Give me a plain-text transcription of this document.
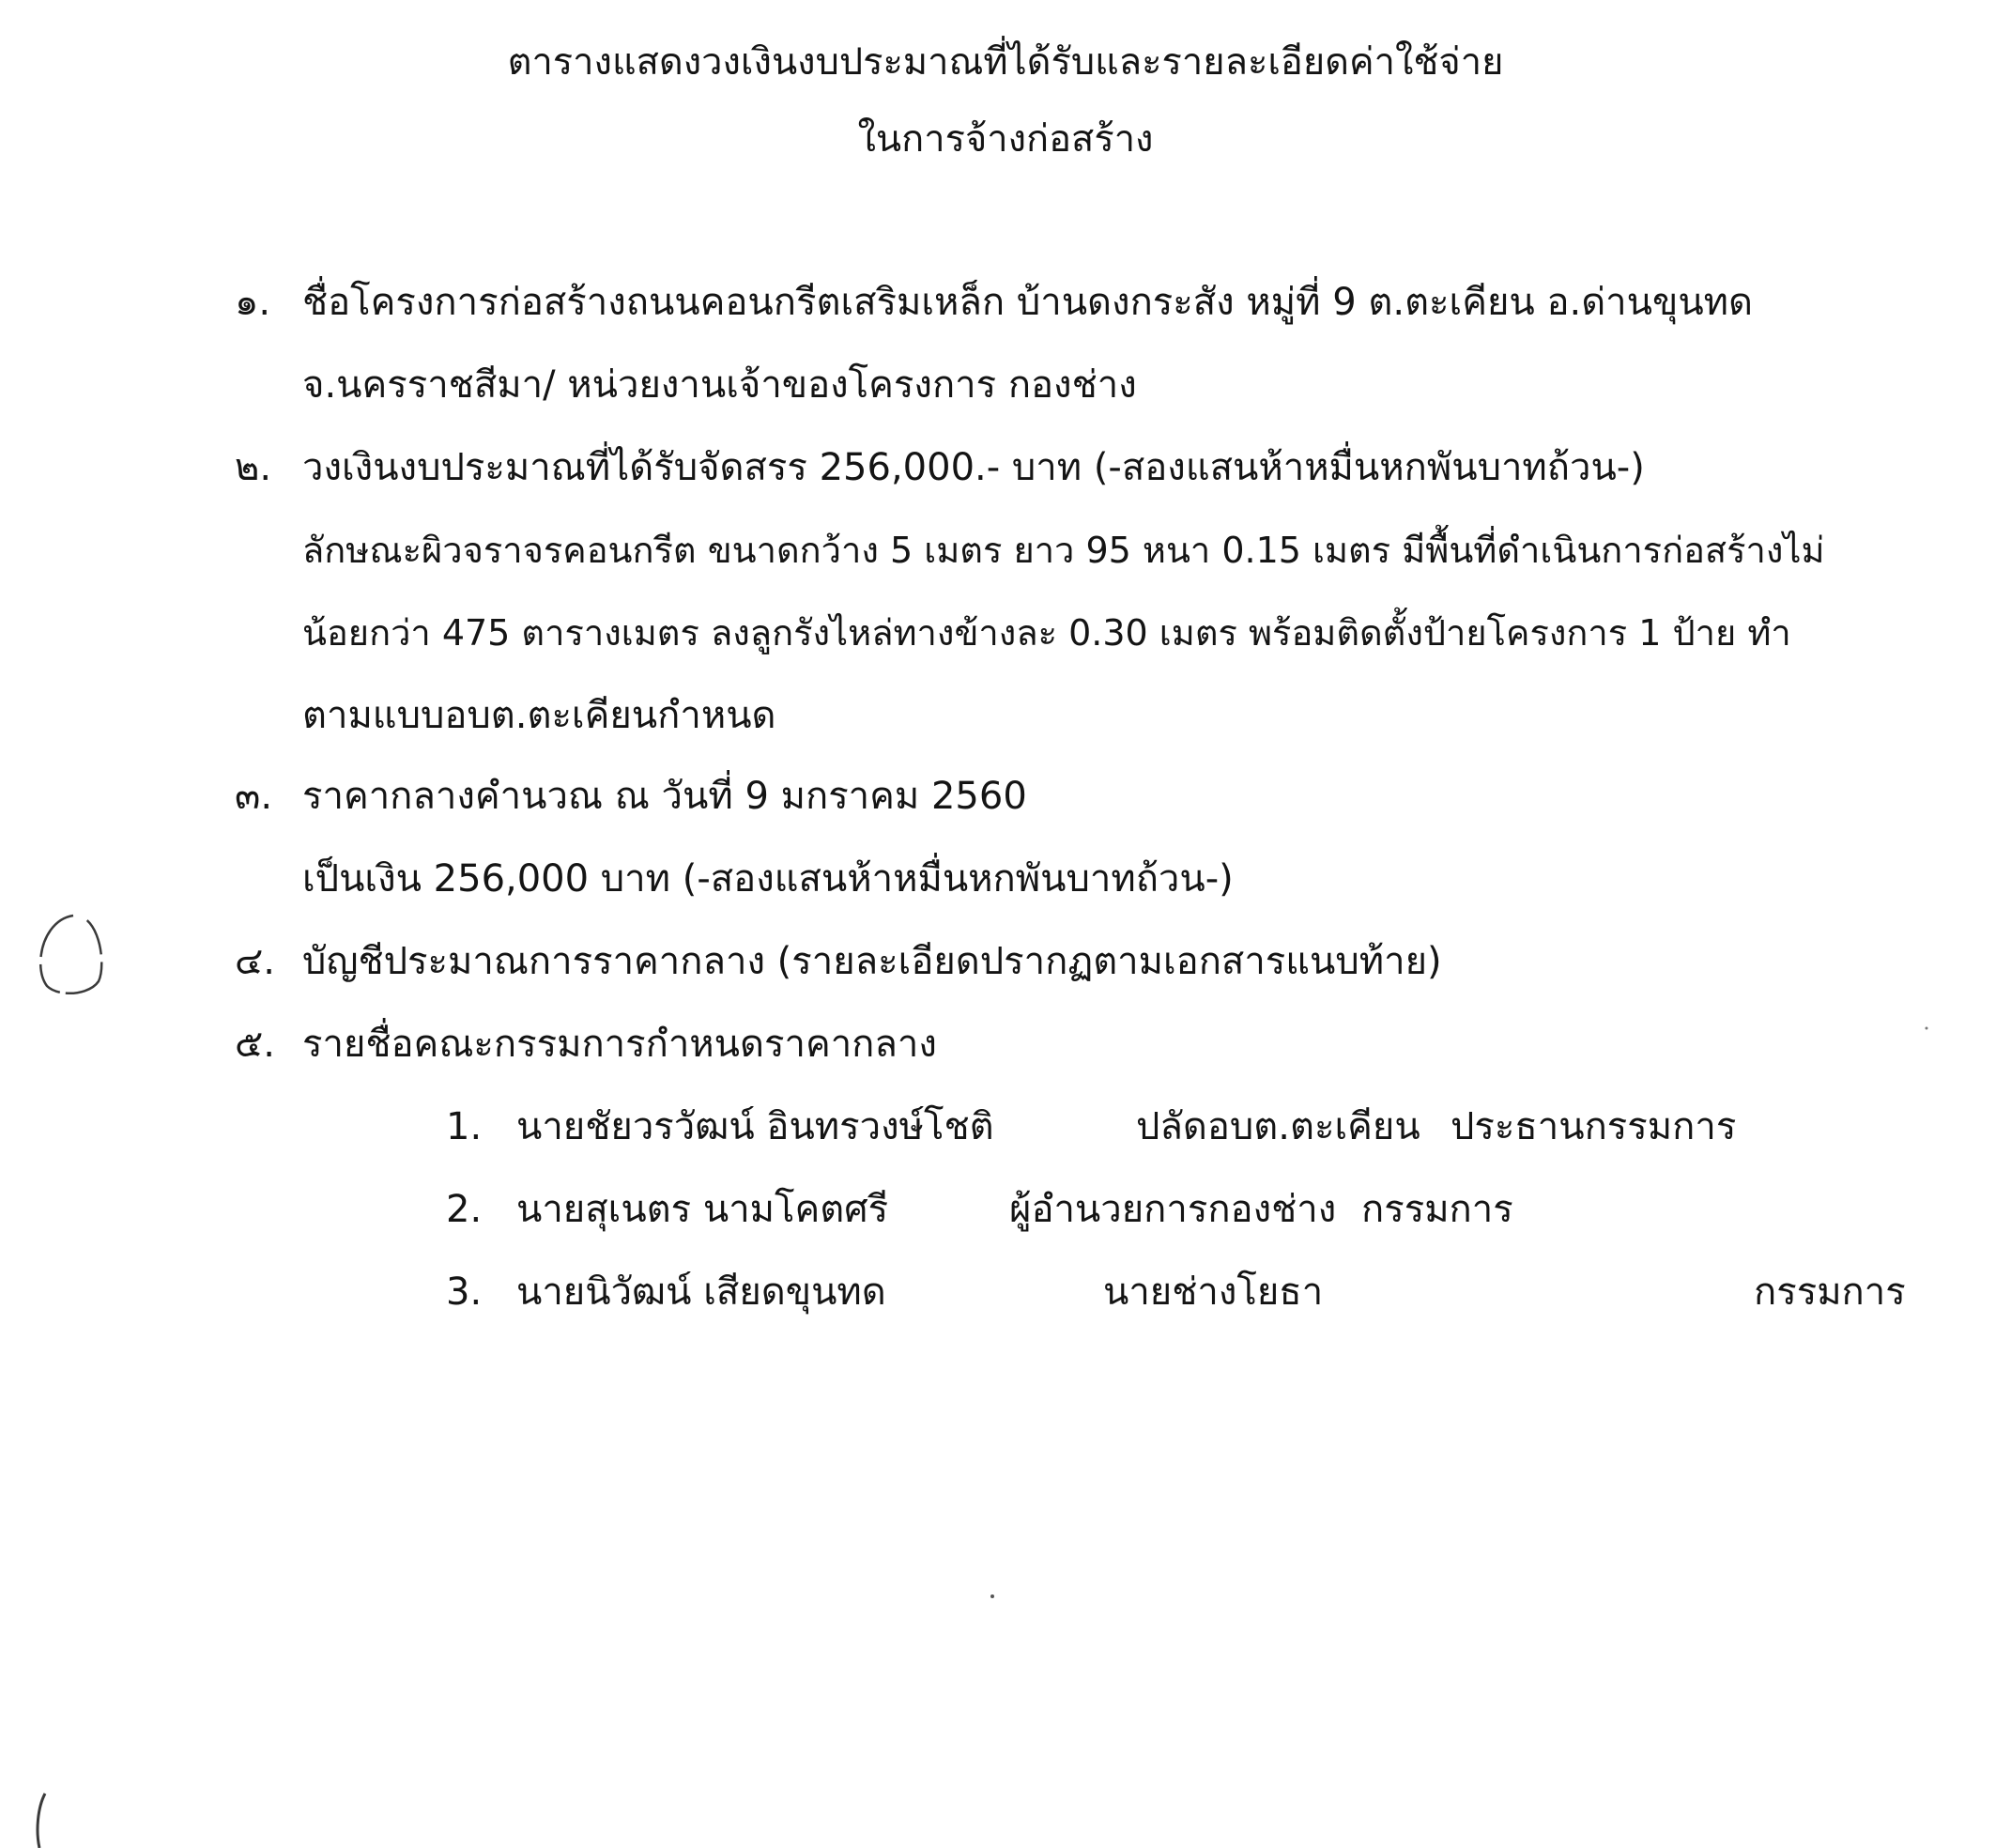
ตารางแสดงวงเงินงบประมาณที่ได้รับและรายละเอียดค่าใช้จ่าย
ในการจ้างก่อสร้าง
๑. ชื่อโครงการก่อสร้างถนนคอนกรีตเสริมเหล็ก บ้านดงกระสัง หมู่ที่ 9 ต.ตะเคียน อ.ด่านขุนทด
จ.นครราชสีมา/ หน่วยงานเจ้าของโครงการ กองช่าง
๒. วงเงินงบประมาณที่ได้รับจัดสรร 256,000.- บาท (-สองแสนห้าหมื่นหกพันบาทถ้วน-)
ลักษณะผิวจราจรคอนกรีต ขนาดกว้าง 5 เมตร ยาว 95 หนา 0.15 เมตร มีพื้นที่ดำเนินการก่อสร้างไม่
น้อยกว่า 475 ตารางเมตร ลงลูกรังไหล่ทางข้างละ 0.30 เมตร พร้อมติดตั้งป้ายโครงการ 1 ป้าย ทำ
ตามแบบอบต.ตะเคียนกำหนด
๓. ราคากลางคำนวณ ณ วันที่ 9 มกราคม 2560
เป็นเงิน 256,000 บาท (-สองแสนห้าหมื่นหกพันบาทถ้วน-)
๔. บัญชีประมาณการราคากลาง (รายละเอียดปรากฏตามเอกสารแนบท้าย)
๕. รายชื่อคณะกรรมการกำหนดราคากลาง
1. นายชัยวรวัฒน์ อินทรวงษ์โชติ	ปลัดอบต.ตะเคียน ประธานกรรมการ
2. นายสุเนตร นามโคตศรี	ผู้อำนวยการกองช่าง กรรมการ
3. นายนิวัฒน์ เสียดขุนทด	นายช่างโยธา	กรรมการ
